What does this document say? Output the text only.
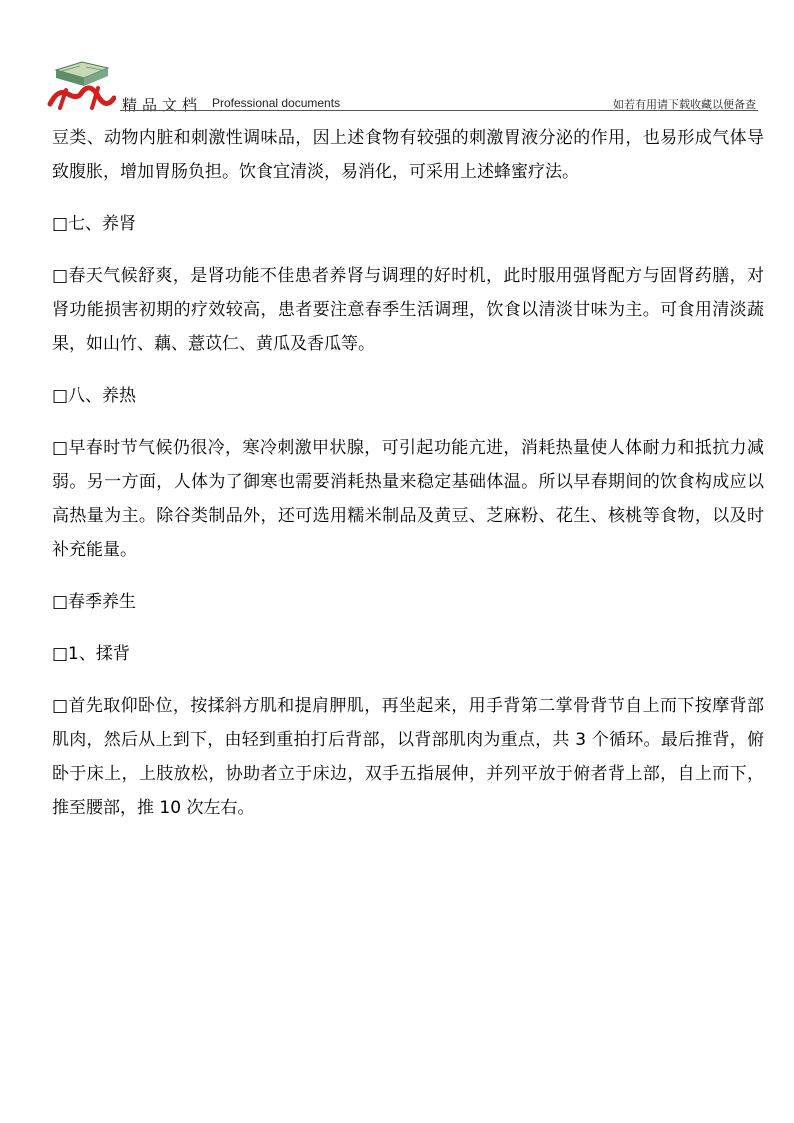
精品文档 Professional documents	如若有用请下载收藏以便备查

豆类、动物内脏和刺激性调味品，因上述食物有较强的刺激胃液分泌的作用，也易形成气体导致腹胀，增加胃肠负担。饮食宜清淡，易消化，可采用上述蜂蜜疗法。

□七、养肾

□春天气候舒爽，是肾功能不佳患者养肾与调理的好时机，此时服用强肾配方与固肾药膳，对肾功能损害初期的疗效较高，患者要注意春季生活调理，饮食以清淡甘味为主。可食用清淡蔬果，如山竹、藕、薏苡仁、黄瓜及香瓜等。

□八、养热

□早春时节气候仍很冷，寒冷刺激甲状腺，可引起功能亢进，消耗热量使人体耐力和抵抗力减弱。另一方面，人体为了御寒也需要消耗热量来稳定基础体温。所以早春期间的饮食构成应以高热量为主。除谷类制品外，还可选用糯米制品及黄豆、芝麻粉、花生、核桃等食物，以及时补充能量。

□春季养生

□1、揉背

□首先取仰卧位，按揉斜方肌和提肩胛肌，再坐起来，用手背第二掌骨背节自上而下按摩背部肌肉，然后从上到下，由轻到重拍打后背部，以背部肌肉为重点，共 3 个循环。最后推背，俯卧于床上，上肢放松，协助者立于床边，双手五指展伸，并列平放于俯者背上部，自上而下，推至腰部，推 10 次左右。
